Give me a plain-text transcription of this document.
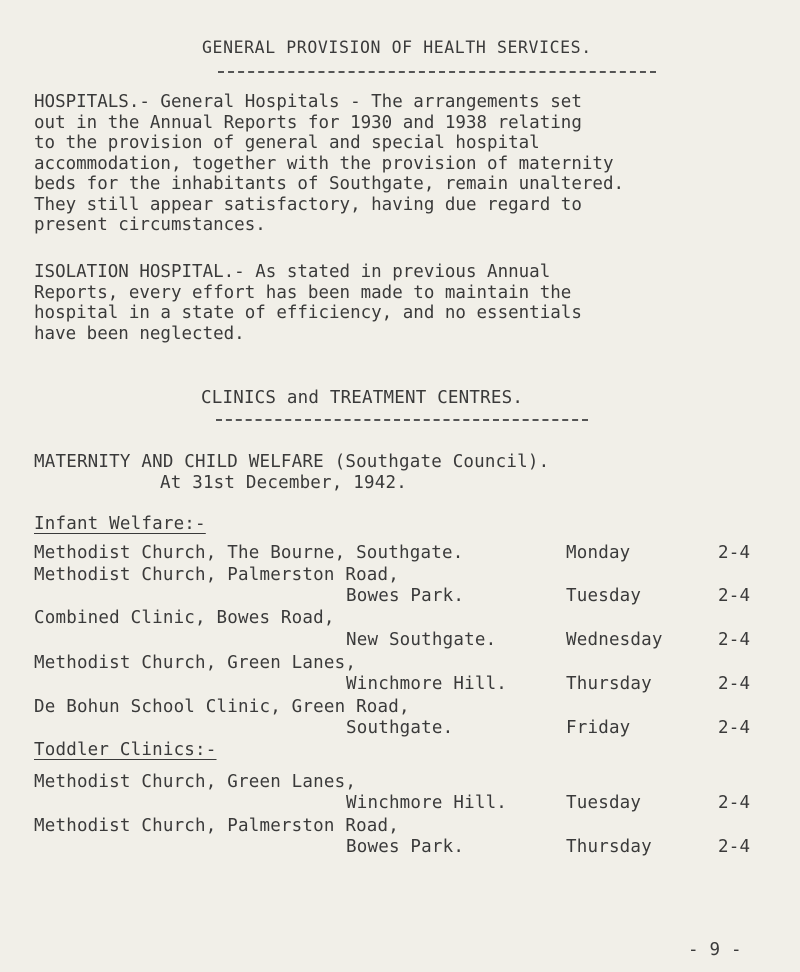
GENERAL PROVISION OF HEALTH SERVICES.
HOSPITALS.- General Hospitals - The arrangements set
out in the Annual Reports for 1930 and 1938 relating
to the provision of general and special hospital
accommodation, together with the provision of maternity
beds for the inhabitants of Southgate, remain unaltered.
They still appear satisfactory, having due regard to
present circumstances.
ISOLATION HOSPITAL.- As stated in previous Annual
Reports, every effort has been made to maintain the
hospital in a state of efficiency, and no essentials
have been neglected.
CLINICS and TREATMENT CENTRES.
MATERNITY AND CHILD WELFARE (Southgate Council).
At 31st December, 1942.
Infant Welfare:-
Methodist Church, The Bourne, Southgate.	Monday	2-4
Methodist Church, Palmerston Road,
Bowes Park.	Tuesday	2-4
Combined Clinic, Bowes Road,
New Southgate.	Wednesday	2-4
Methodist Church, Green Lanes,
Winchmore Hill.	Thursday	2-4
De Bohun School Clinic, Green Road,
Southgate.	Friday	2-4
Toddler Clinics:-
Methodist Church, Green Lanes,
Winchmore Hill.	Tuesday	2-4
Methodist Church, Palmerston Road,
Bowes Park.	Thursday	2-4
- 9 -
